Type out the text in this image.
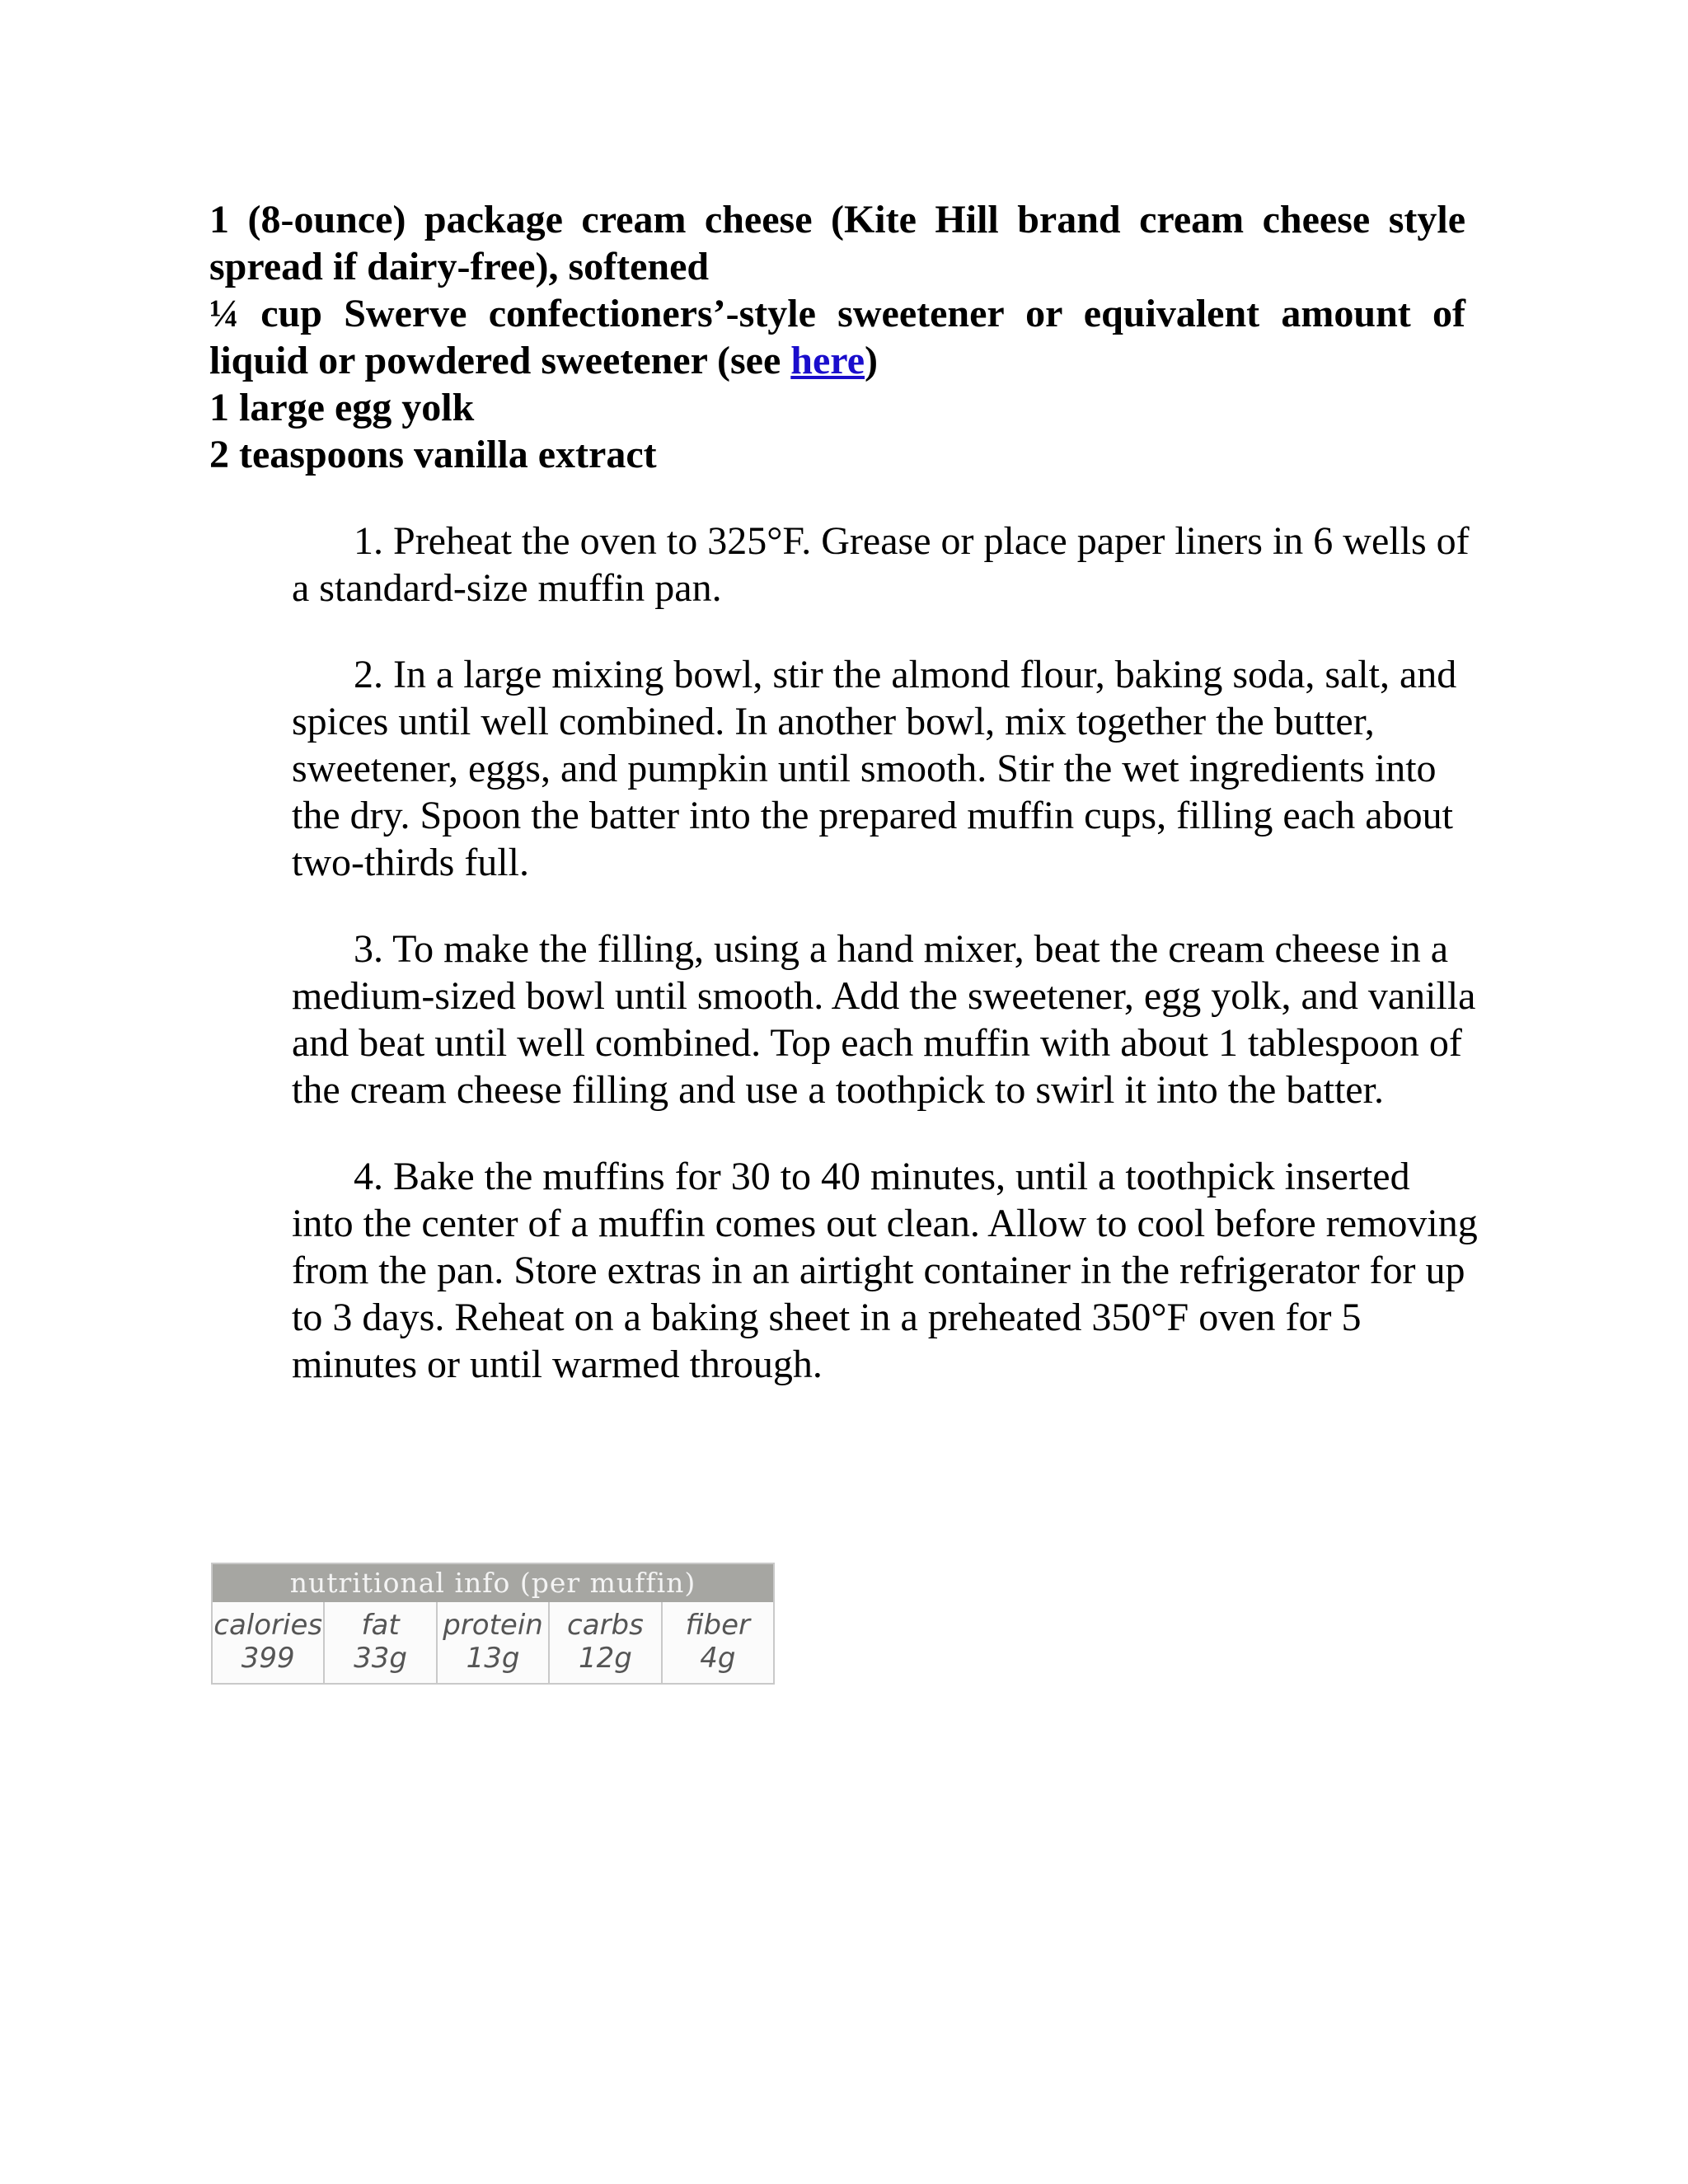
1 (8-ounce) package cream cheese (Kite Hill brand cream cheese style spread if dairy-free), softened
¼ cup Swerve confectioners’-style sweetener or equivalent amount of liquid or powdered sweetener (see here)
1 large egg yolk
2 teaspoons vanilla extract

1. Preheat the oven to 325°F. Grease or place paper liners in 6 wells of a standard-size muffin pan.

2. In a large mixing bowl, stir the almond flour, baking soda, salt, and spices until well combined. In another bowl, mix together the butter, sweetener, eggs, and pumpkin until smooth. Stir the wet ingredients into the dry. Spoon the batter into the prepared muffin cups, filling each about two-thirds full.

3. To make the filling, using a hand mixer, beat the cream cheese in a medium-sized bowl until smooth. Add the sweetener, egg yolk, and vanilla and beat until well combined. Top each muffin with about 1 tablespoon of the cream cheese filling and use a toothpick to swirl it into the batter.

4. Bake the muffins for 30 to 40 minutes, until a toothpick inserted into the center of a muffin comes out clean. Allow to cool before removing from the pan. Store extras in an airtight container in the refrigerator for up to 3 days. Reheat on a baking sheet in a preheated 350°F oven for 5 minutes or until warmed through.

nutritional info (per muffin)
calories
399
fat
33g
protein
13g
carbs
12g
fiber
4g
